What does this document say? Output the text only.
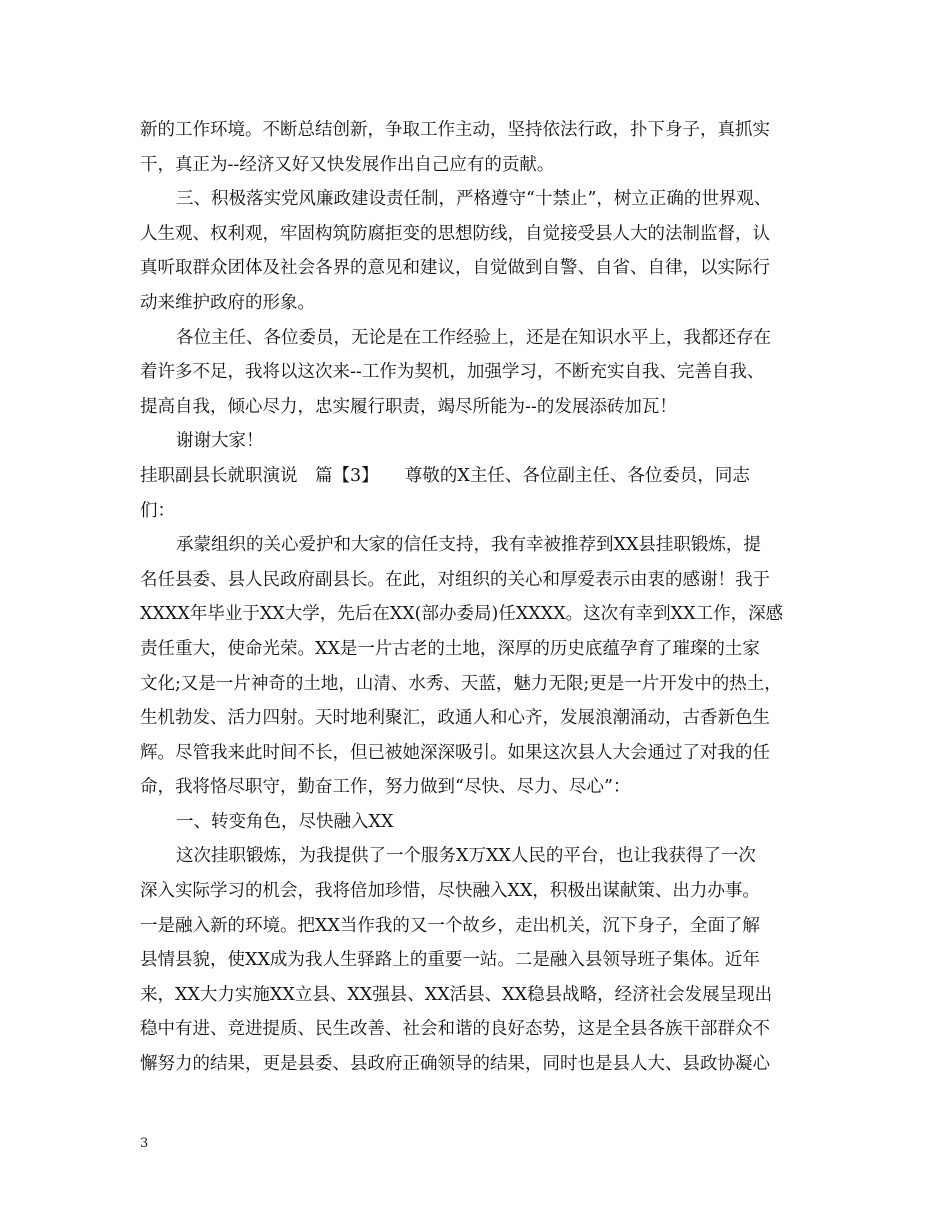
新的工作环境。不断总结创新，争取工作主动，坚持依法行政，扑下身子，真抓实
干，真正为--经济又好又快发展作出自己应有的贡献。
三、积极落实党风廉政建设责任制，严格遵守“十禁止”，树立正确的世界观、
人生观、权利观，牢固构筑防腐拒变的思想防线，自觉接受县人大的法制监督，认
真听取群众团体及社会各界的意见和建议，自觉做到自警、自省、自律，以实际行
动来维护政府的形象。
各位主任、各位委员，无论是在工作经验上，还是在知识水平上，我都还存在
着许多不足，我将以这次来--工作为契机，加强学习，不断充实自我、完善自我、
提高自我，倾心尽力，忠实履行职责，竭尽所能为--的发展添砖加瓦！
谢谢大家！
挂职副县长就职演说　篇【3】　　尊敬的X主任、各位副主任、各位委员，同志
们：
承蒙组织的关心爱护和大家的信任支持，我有幸被推荐到XX县挂职锻炼，提
名任县委、县人民政府副县长。在此，对组织的关心和厚爱表示由衷的感谢！我于
XXXX年毕业于XX大学，先后在XX(部办委局)任XXXX。这次有幸到XX工作，深感
责任重大，使命光荣。XX是一片古老的土地，深厚的历史底蕴孕育了璀璨的土家
文化;又是一片神奇的土地，山清、水秀、天蓝，魅力无限;更是一片开发中的热土，
生机勃发、活力四射。天时地利聚汇，政通人和心齐，发展浪潮涌动，古香新色生
辉。尽管我来此时间不长，但已被她深深吸引。如果这次县人大会通过了对我的任
命，我将恪尽职守，勤奋工作，努力做到“尽快、尽力、尽心”：
一、转变角色，尽快融入XX
这次挂职锻炼，为我提供了一个服务X万XX人民的平台，也让我获得了一次
深入实际学习的机会，我将倍加珍惜，尽快融入XX，积极出谋献策、出力办事。
一是融入新的环境。把XX当作我的又一个故乡，走出机关，沉下身子，全面了解
县情县貌，使XX成为我人生驿路上的重要一站。二是融入县领导班子集体。近年
来，XX大力实施XX立县、XX强县、XX活县、XX稳县战略，经济社会发展呈现出
稳中有进、竞进提质、民生改善、社会和谐的良好态势，这是全县各族干部群众不
懈努力的结果，更是县委、县政府正确领导的结果，同时也是县人大、县政协凝心
3
